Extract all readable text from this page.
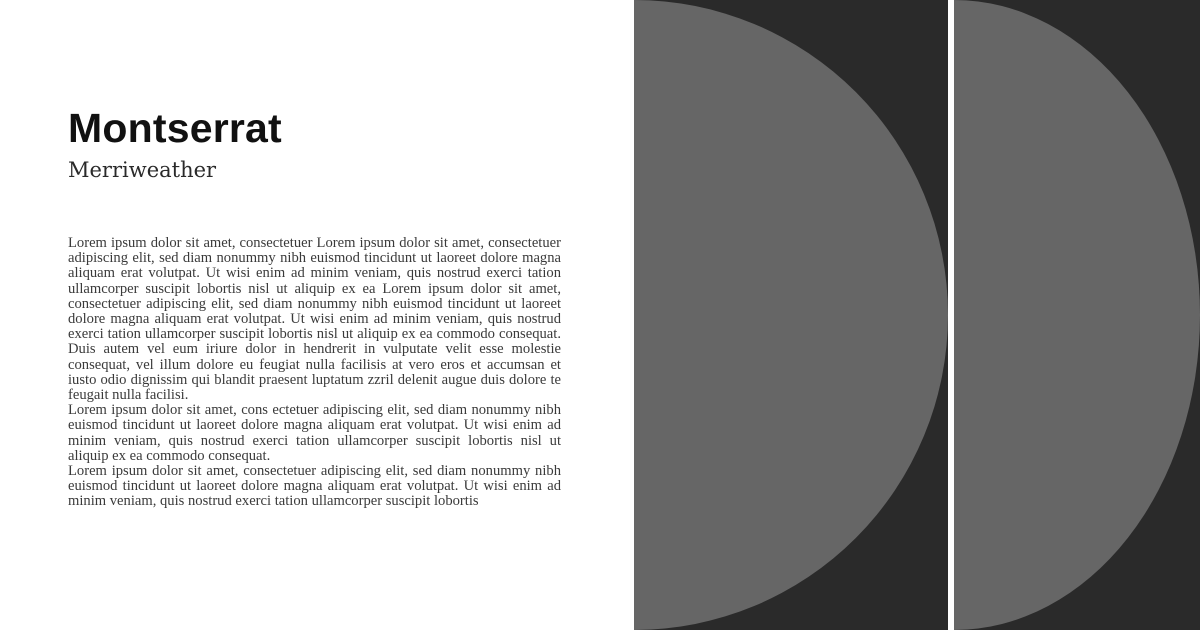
Montserrat
Merriweather

Lorem ipsum dolor sit amet, consectetuer Lorem ipsum dolor sit amet, consectetuer adipiscing elit, sed diam nonummy nibh euismod tincidunt ut laoreet dolore magna aliquam erat volutpat. Ut wisi enim ad minim veniam, quis nostrud exerci tation ullamcorper suscipit lobortis nisl ut aliquip ex ea Lorem ipsum dolor sit amet, consectetuer adipiscing elit, sed diam nonummy nibh euismod tincidunt ut laoreet dolore magna aliquam erat volutpat. Ut wisi enim ad minim veniam, quis nostrud exerci tation ullamcorper suscipit lobortis nisl ut aliquip ex ea commodo consequat. Duis autem vel eum iriure dolor in hendrerit in vulputate velit esse molestie consequat, vel illum dolore eu feugiat nulla facilisis at vero eros et accumsan et iusto odio dignissim qui blandit praesent luptatum zzril delenit augue duis dolore te feugait nulla facilisi.

Lorem ipsum dolor sit amet, cons ectetuer adipiscing elit, sed diam nonummy nibh euismod tincidunt ut laoreet dolore magna aliquam erat volutpat. Ut wisi enim ad minim veniam, quis nostrud exerci tation ullamcorper suscipit lobortis nisl ut aliquip ex ea commodo consequat.

Lorem ipsum dolor sit amet, consectetuer adipiscing elit, sed diam nonummy nibh euismod tincidunt ut laoreet dolore magna aliquam erat volutpat. Ut wisi enim ad minim veniam, quis nostrud exerci tation ullamcorper suscipit lobortis
